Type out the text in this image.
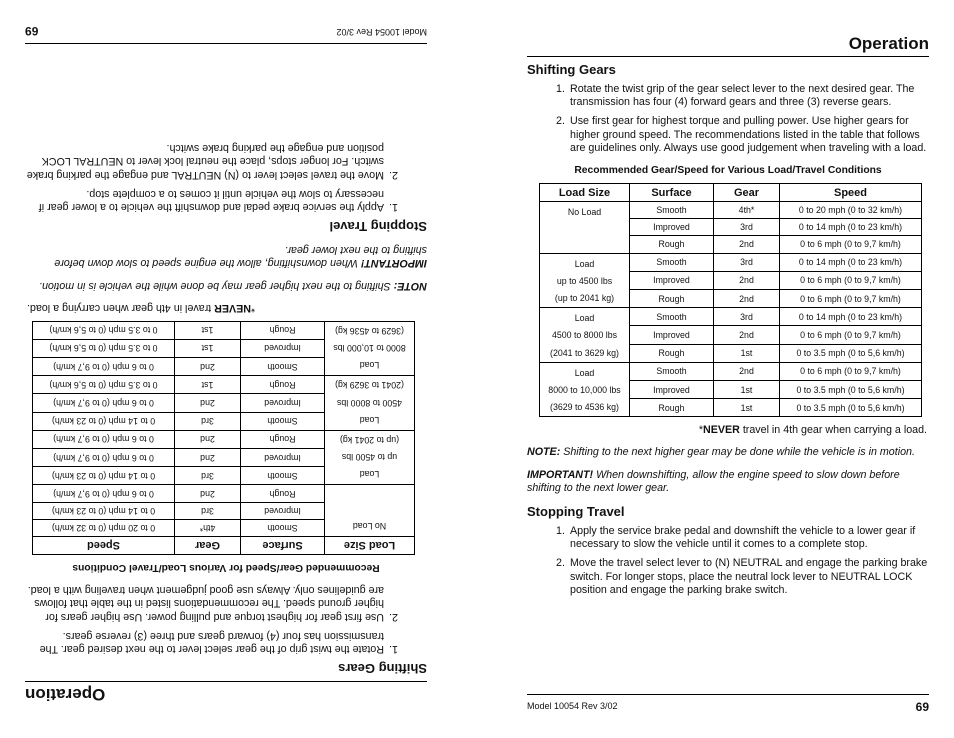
Operation
Shifting Gears
1.
Rotate the twist grip of the gear select lever to the next desired gear. The transmission has four (4) forward gears and three (3) reverse gears.
2.
Use first gear for highest torque and pulling power. Use higher gears for higher ground speed. The recommendations listed in the table that follows are guidelines only. Always use good judgement when traveling with a load.
Recommended Gear/Speed for Various Load/Travel Conditions
Load Size	Surface	Gear	Speed

No Load	Smooth	4th*	0 to 20 mph (0 to 32 km/h)
	Improved	3rd	0 to 14 mph (0 to 23 km/h)
	Rough	2nd	0 to 6 mph (0 to 9,7 km/h)

Load
up to 4500 lbs
(up to 2041 kg)	Smooth	3rd	0 to 14 mph (0 to 23 km/h)
	Improved	2nd	0 to 6 mph (0 to 9,7 km/h)
	Rough	2nd	0 to 6 mph (0 to 9,7 km/h)

Load
4500 to 8000 lbs
(2041 to 3629 kg)	Smooth	3rd	0 to 14 mph (0 to 23 km/h)
	Improved	2nd	0 to 6 mph (0 to 9,7 km/h)
	Rough	1st	0 to 3.5 mph (0 to 5,6 km/h)

Load
8000 to 10,000 lbs
(3629 to 4536 kg)	Smooth	2nd	0 to 6 mph (0 to 9,7 km/h)
	Improved	1st	0 to 3.5 mph (0 to 5,6 km/h)
	Rough	1st	0 to 3.5 mph (0 to 5,6 km/h)
*NEVER travel in 4th gear when carrying a load.

NOTE: Shifting to the next higher gear may be done while the vehicle is in motion.

IMPORTANT! When downshifting, allow the engine speed to slow down before shifting to the next lower gear.

Stopping Travel
1.
Apply the service brake pedal and downshift the vehicle to a lower gear if necessary to slow the vehicle until it comes to a complete stop.
2.
Move the travel select lever to (N) NEUTRAL and engage the parking brake switch. For longer stops, place the neutral lock lever to NEUTRAL LOCK position and engage the parking brake switch.
Model 10054 Rev 3/02
69
Operation
Shifting Gears
1. Rotate the twist grip of the gear select lever to the next desired gear. The transmission has four (4) forward gears and three (3) reverse gears.
2. Use first gear for highest torque and pulling power. Use higher gears for higher ground speed. The recommendations listed in the table that follows are guidelines only. Always use good judgement when traveling with a load.
Recommended Gear/Speed for Various Load/Travel Conditions
Load Size	Surface	Gear	Speed

No Load	Smooth	4th*	0 to 20 mph (0 to 32 km/h)
	Improved	3rd	0 to 14 mph (0 to 23 km/h)
	Rough	2nd	0 to 6 mph (0 to 9,7 km/h)

Load
up to 4500 lbs
(up to 2041 kg)	Smooth	3rd	0 to 14 mph (0 to 23 km/h)
	Improved	2nd	0 to 6 mph (0 to 9,7 km/h)
	Rough	2nd	0 to 6 mph (0 to 9,7 km/h)

Load
4500 to 8000 lbs
(2041 to 3629 kg)	Smooth	3rd	0 to 14 mph (0 to 23 km/h)
	Improved	2nd	0 to 6 mph (0 to 9,7 km/h)
	Rough	1st	0 to 3.5 mph (0 to 5,6 km/h)

Load
8000 to 10,000 lbs
(3629 to 4536 kg)	Smooth	2nd	0 to 6 mph (0 to 9,7 km/h)
	Improved	1st	0 to 3.5 mph (0 to 5,6 km/h)
	Rough	1st	0 to 3.5 mph (0 to 5,6 km/h)
*NEVER travel in 4th gear when carrying a load.

NOTE: Shifting to the next higher gear may be done while the vehicle is in motion.

IMPORTANT! When downshifting, allow the engine speed to slow down before shifting to the next lower gear.

Stopping Travel
1. Apply the service brake pedal and downshift the vehicle to a lower gear if necessary to slow the vehicle until it comes to a complete stop.
2. Move the travel select lever to (N) NEUTRAL and engage the parking brake switch. For longer stops, place the neutral lock lever to NEUTRAL LOCK position and engage the parking brake switch.
Model 10054 Rev 3/02	69
